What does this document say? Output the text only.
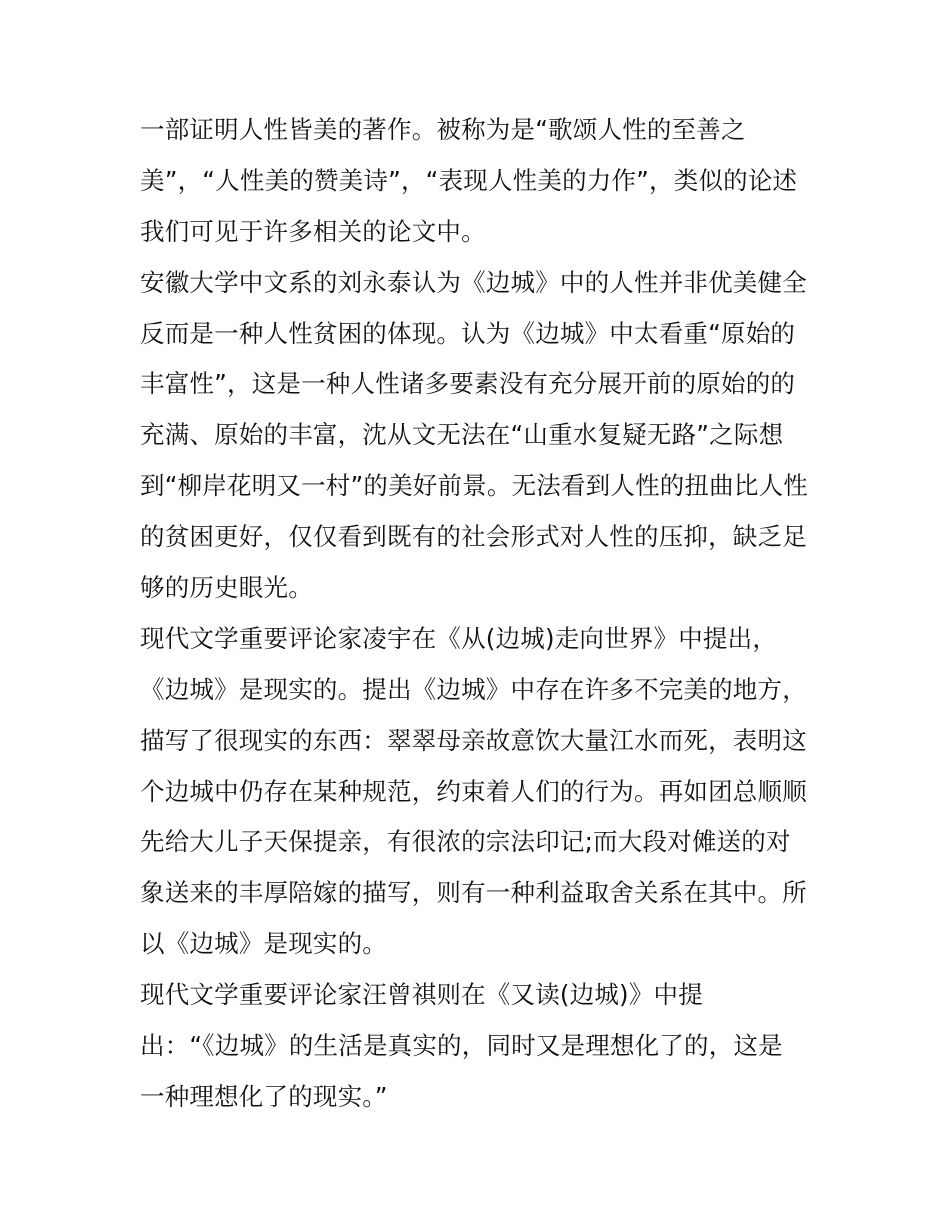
一部证明人性皆美的著作。被称为是“歌颂人性的至善之
美”，“人性美的赞美诗”，“表现人性美的力作”，类似的论述
我们可见于许多相关的论文中。
安徽大学中文系的刘永泰认为《边城》中的人性并非优美健全
反而是一种人性贫困的体现。认为《边城》中太看重“原始的
丰富性”，这是一种人性诸多要素没有充分展开前的原始的的
充满、原始的丰富，沈从文无法在“山重水复疑无路”之际想
到“柳岸花明又一村”的美好前景。无法看到人性的扭曲比人性
的贫困更好，仅仅看到既有的社会形式对人性的压抑，缺乏足
够的历史眼光。
现代文学重要评论家凌宇在《从(边城)走向世界》中提出，
《边城》是现实的。提出《边城》中存在许多不完美的地方，
描写了很现实的东西：翠翠母亲故意饮大量江水而死，表明这
个边城中仍存在某种规范，约束着人们的行为。再如团总顺顺
先给大儿子天保提亲，有很浓的宗法印记;而大段对傩送的对
象送来的丰厚陪嫁的描写，则有一种利益取舍关系在其中。所
以《边城》是现实的。
现代文学重要评论家汪曾祺则在《又读(边城)》中提
出：“《边城》的生活是真实的，同时又是理想化了的，这是
一种理想化了的现实。”
